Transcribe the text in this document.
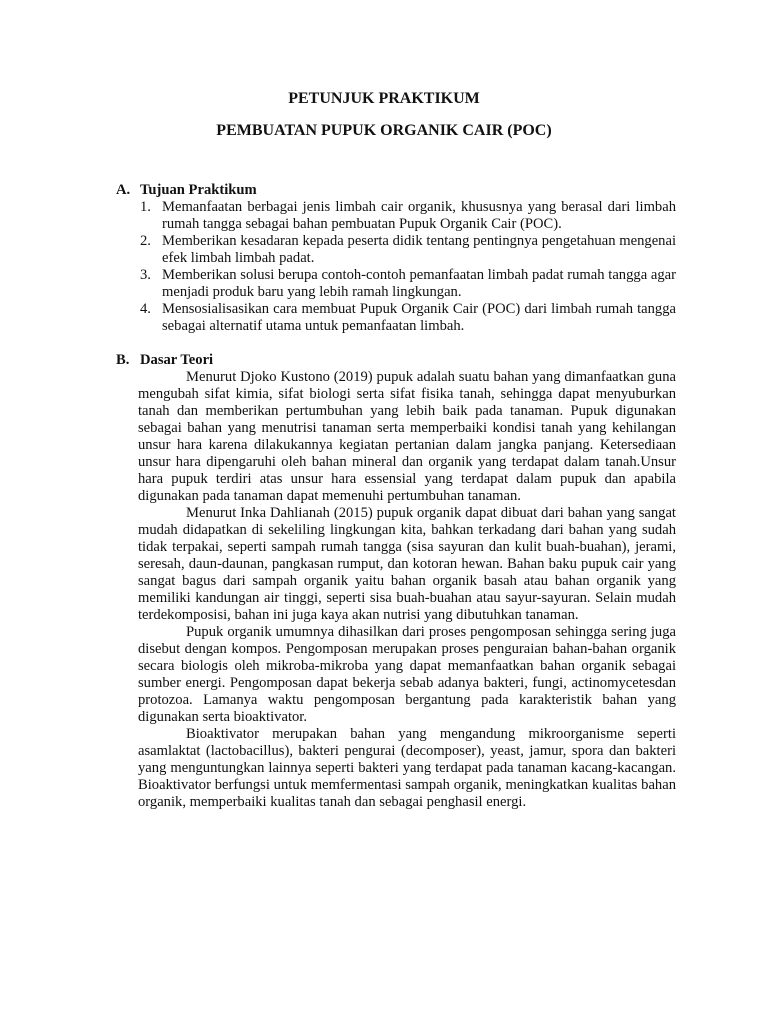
PETUNJUK PRAKTIKUM
PEMBUATAN PUPUK ORGANIK CAIR (POC)
A. Tujuan Praktikum
1. Memanfaatan berbagai jenis limbah cair organik, khususnya yang berasal dari limbah rumah tangga sebagai bahan pembuatan Pupuk Organik Cair (POC).
2. Memberikan kesadaran kepada peserta didik tentang pentingnya pengetahuan mengenai efek limbah limbah padat.
3. Memberikan solusi berupa contoh-contoh pemanfaatan limbah padat rumah tangga agar menjadi produk baru yang lebih ramah lingkungan.
4. Mensosialisasikan cara membuat Pupuk Organik Cair (POC) dari limbah rumah tangga sebagai alternatif utama untuk pemanfaatan limbah.
B. Dasar Teori

Menurut Djoko Kustono (2019) pupuk adalah suatu bahan yang dimanfaatkan guna mengubah sifat kimia, sifat biologi serta sifat fisika tanah, sehingga dapat menyuburkan tanah dan memberikan pertumbuhan yang lebih baik pada tanaman. Pupuk digunakan sebagai bahan yang menutrisi tanaman serta memperbaiki kondisi tanah yang kehilangan unsur hara karena dilakukannya kegiatan pertanian dalam jangka panjang. Ketersediaan unsur hara dipengaruhi oleh bahan mineral dan organik yang terdapat dalam tanah.Unsur hara pupuk terdiri atas unsur hara essensial yang terdapat dalam pupuk dan apabila digunakan pada tanaman dapat memenuhi pertumbuhan tanaman.

Menurut Inka Dahlianah (2015) pupuk organik dapat dibuat dari bahan yang sangat mudah didapatkan di sekeliling lingkungan kita, bahkan terkadang dari bahan yang sudah tidak terpakai, seperti sampah rumah tangga (sisa sayuran dan kulit buah-buahan), jerami, seresah, daun-daunan, pangkasan rumput, dan kotoran hewan. Bahan baku pupuk cair yang sangat bagus dari sampah organik yaitu bahan organik basah atau bahan organik yang memiliki kandungan air tinggi, seperti sisa buah-buahan atau sayur-sayuran. Selain mudah terdekomposisi, bahan ini juga kaya akan nutrisi yang dibutuhkan tanaman.

Pupuk organik umumnya dihasilkan dari proses pengomposan sehingga sering juga disebut dengan kompos. Pengomposan merupakan proses penguraian bahan-bahan organik secara biologis oleh mikroba-mikroba yang dapat memanfaatkan bahan organik sebagai sumber energi. Pengomposan dapat bekerja sebab adanya bakteri, fungi, actinomycetesdan protozoa. Lamanya waktu pengomposan bergantung pada karakteristik bahan yang digunakan serta bioaktivator.

Bioaktivator merupakan bahan yang mengandung mikroorganisme seperti asamlaktat (lactobacillus), bakteri pengurai (decomposer), yeast, jamur, spora dan bakteri yang menguntungkan lainnya seperti bakteri yang terdapat pada tanaman kacang-kacangan. Bioaktivator berfungsi untuk memfermentasi sampah organik, meningkatkan kualitas bahan organik, memperbaiki kualitas tanah dan sebagai penghasil energi.
